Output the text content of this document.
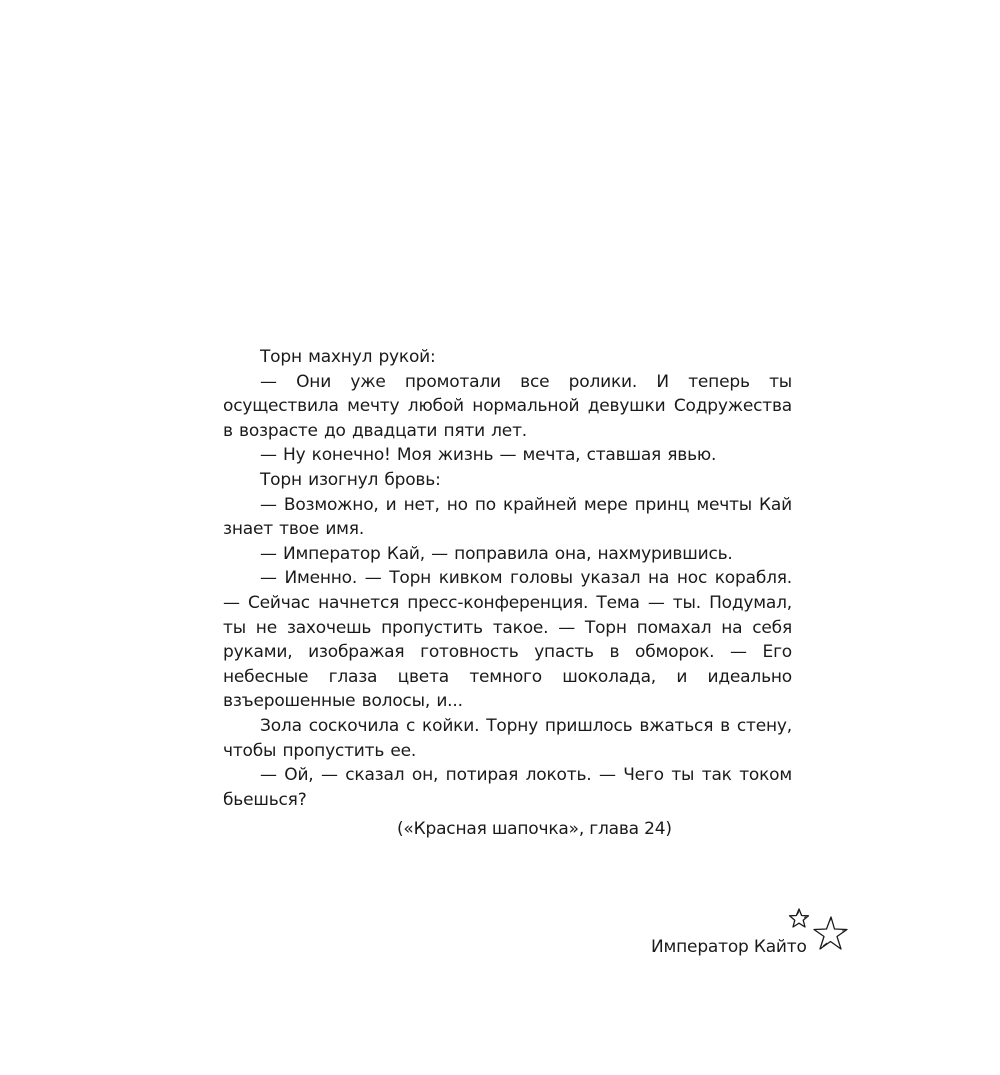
Торн махнул рукой:

— Они уже промотали все ролики. И теперь ты осуществила мечту любой нормальной девушки Содружества в возрасте до двадцати пяти лет.

— Ну конечно! Моя жизнь — мечта, ставшая явью.

Торн изогнул бровь:

— Возможно, и нет, но по крайней мере принц мечты Кай знает твое имя.

— Император Кай, — поправила она, нахмурившись.

— Именно. — Торн кивком головы указал на нос корабля. — Сейчас начнется пресс-конференция. Тема — ты. Подумал, ты не захочешь пропустить такое. — Торн помахал на себя руками, изображая готовность упасть в обморок. — Его небесные глаза цвета темного шоколада, и идеально взъерошенные волосы, и...

Зола соскочила с койки. Торну пришлось вжаться в стену, чтобы пропустить ее.

— Ой, — сказал он, потирая локоть. — Чего ты так током бьешься?

(«Красная шапочка», глава 24)
Император Кайто
